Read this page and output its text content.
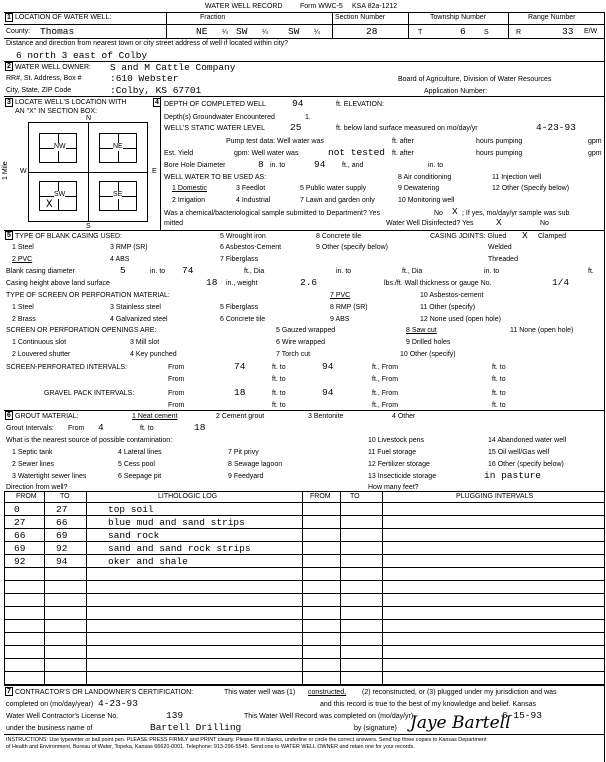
WATER WELL RECORD Form WWC-5 KSA 82a-1212
1 LOCATION OF WATER WELL:	Fraction	Section Number	Township Number	Range Number
County: Thomas	NE ¼ SW ¼ SW ¼	28	T	6	S	R	33 E/W
Distance and direction from nearest town or city street address of well if located within city?
6 north 3 east of Colby
2 WATER WELL OWNER: S and M Cattle Company
RR#, St. Address, Box #	:610 Webster	Board of Agriculture, Division of Water Resources
City, State, ZIP Code	:Colby, KS 67701	Application Number:
3 LOCATE WELL'S LOCATION WITH
AN "X" IN SECTION BOX:
4
NW	NE
SW	SE
X
N
S
E
W
1 Mile
DEPTH OF COMPLETED WELL	94	ft. ELEVATION:
Depth(s) Groundwater Encountered	1.
WELL'S STATIC WATER LEVEL	25	ft. below land surface measured on mo/day/yr	4-23-93
Pump test data: Well water was	ft. after	hours pumping	gpm
Est. Yield	gpm: Well water was	not tested ft. after	hours pumping	gpm
Bore Hole Diameter	8 in. to	94 ft., and	in. to
WELL WATER TO BE USED AS:
1 Domestic	3 Feedlot	5 Public water supply
8 Air conditioning	11 Injection well
2 Irrigation	4 Industrial	7 Lawn and garden only
9 Dewatering	12 Other (Specify below)
10 Monitoring well
Was a chemical/bacteriological sample submitted to Department? Yes	No X ; If yes, mo/day/yr sample was sub
mitted	Water Well Disinfected? Yes X	No
5 TYPE OF BLANK CASING USED:
1 Steel	3 RMP (SR)
5 Wrought iron	8 Concrete tile
2 PVC	4 ABS
6 Asbestos-Cement	9 Other (specify below)
7 Fiberglass
CASING JOINTS: Glued X Clamped
Welded
Threaded
Blank casing diameter	5	in. to 74	ft., Dia	in. to	ft., Dia	in. to	ft.
Casing height above land surface	18 in., weight	2.6	lbs./ft. Wall thickness or gauge No.	1/4
TYPE OF SCREEN OR PERFORATION MATERIAL:
1 Steel	3 Stainless steel	5 Fiberglass
7 PVC	10 Asbestos-cement
2 Brass	4 Galvanized steel	6 Concrete tile
8 RMP (SR)	11 Other (specify)
9 ABS	12 None used (open hole)
SCREEN OR PERFORATION OPENINGS ARE:	5 Gauzed wrapped	8 Saw cut	11 None (open hole)
1 Continuous slot	3 Mill slot	6 Wire wrapped	9 Drilled holes
2 Louvered shutter	4 Key punched	7 Torch cut	10 Other (specify)
SCREEN-PERFORATED INTERVALS:	From	74	ft. to	94	ft., From	ft. to
From	ft. to	ft., From	ft. to
GRAVEL PACK INTERVALS:	From	18	ft. to	94	ft., From	ft. to
From	ft. to	ft., From	ft. to
6 GROUT MATERIAL:	1 Neat cement	2 Cement grout	3 Bentonite	4 Other
Grout Intervals: From 4	ft. to	18
What is the nearest source of possible contamination:
1 Septic tank	4 Lateral lines	7 Pit privy
10 Livestock pens	14 Abandoned water well
2 Sewer lines	5 Cess pool	8 Sewage lagoon
11 Fuel storage	15 Oil well/Gas well
3 Watertight sewer lines	6 Seepage pit	9 Feedyard
12 Fertilizer storage	16 Other (specify below)
13 Insecticide storage	in pasture
Direction from well?	How many feet?
FROM	TO	LITHOLOGIC LOG	FROM	TO	PLUGGING INTERVALS
0	27	top soil
27	66	blue mud and sand strips
66	69	sand rock
69	92	sand and sand rock strips
92	94	oker and shale
7 CONTRACTOR'S OR LANDOWNER'S CERTIFICATION:	This water well was (1) constructed, (2) reconstructed, or (3) plugged under my jurisdiction and was
completed on (mo/day/year) 4-23-93	and this record is true to the best of my knowledge and belief. Kansas
Water Well Contractor's License No.	139	This Water Well Record was completed on (mo/day/yr)	6-15-93
under the business name of	Bartell Drilling	by (signature) Jaye Bartell
INSTRUCTIONS: Use typewriter or ball point pen. PLEASE PRESS FIRMLY and PRINT clearly. Please fill in blanks, underline or circle the correct answers. Send top three copies to Kansas Department
of Health and Environment, Bureau of Water, Topeka, Kansas 66620-0001. Telephone: 913-296-5545. Send one to WATER WELL OWNER and retain one for your records.
